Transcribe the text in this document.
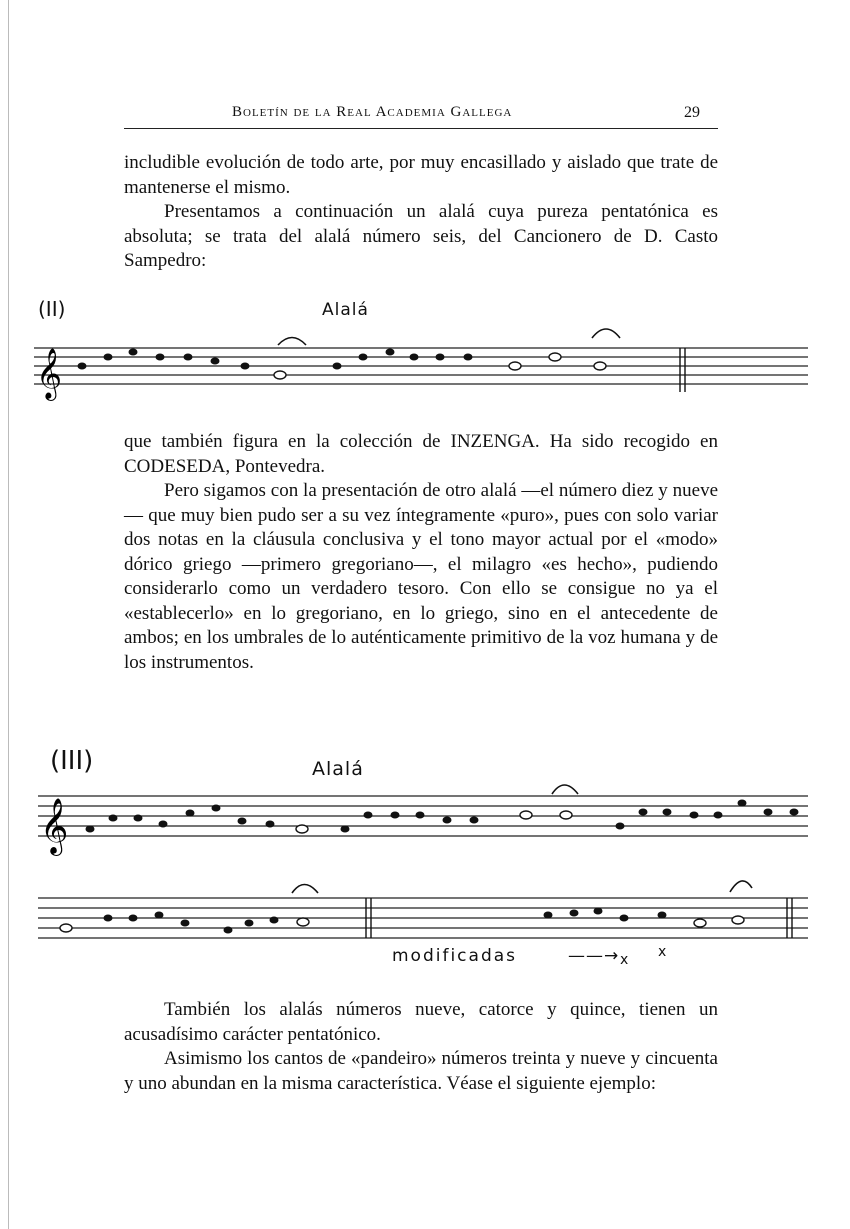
Boletín de la Real Academia Gallega	29

includible evolución de todo arte, por muy encasillado y aislado que trate de mantenerse el mismo.

Presentamos a continuación un alalá cuya pureza pentatónica es absoluta; se trata del alalá número seis, del Cancionero de D. Casto Sampedro:

(II)	Alalá
𝄞

que también figura en la colección de INZENGA. Ha sido recogido en CODESEDA, Pontevedra.

Pero sigamos con la presentación de otro alalá —el número diez y nueve— que muy bien pudo ser a su vez íntegramente «puro», pues con solo variar dos notas en la cláusula conclusiva y el tono mayor actual por el «modo» dórico griego —primero gregoriano—, el milagro «es hecho», pudiendo considerarlo como un verdadero tesoro. Con ello se consigue no ya el «establecerlo» en lo gregoriano, en lo griego, sino en el antecedente de ambos; en los umbrales de lo auténticamente primitivo de la voz humana y de los instrumentos.

(III)	Alalá
𝄞
modificadas	——→ x x

También los alalás números nueve, catorce y quince, tienen un acusadísimo carácter pentatónico.

Asimismo los cantos de «pandeiro» números treinta y nueve y cincuenta y uno abundan en la misma característica. Véase el siguiente ejemplo:
